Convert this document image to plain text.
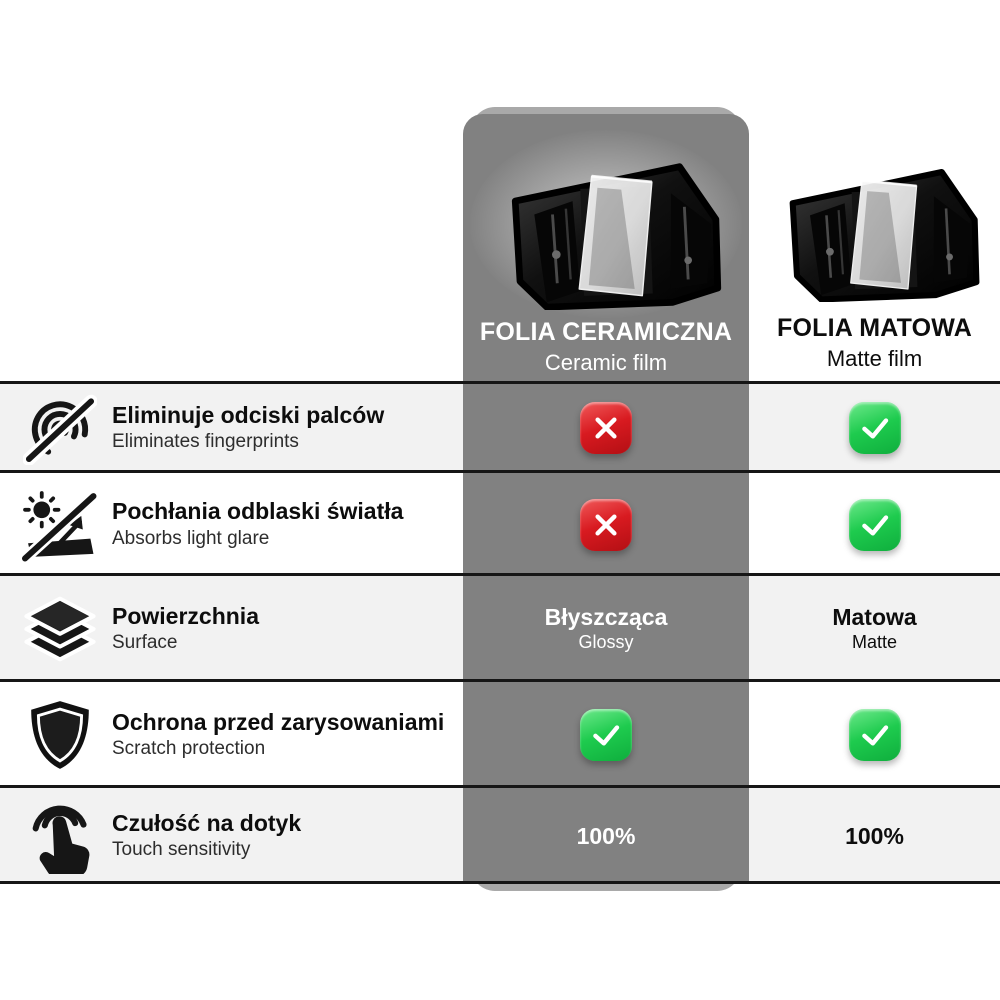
FOLIA CERAMICZNA
Ceramic film
FOLIA MATOWA
Matte film
Eliminuje odciski palców
Eliminates fingerprints
Pochłania odblaski światła
Absorbs light glare
Powierzchnia
Surface
Błyszcząca
Glossy
Matowa
Matte
Ochrona przed zarysowaniami
Scratch protection
Czułość na dotyk
Touch sensitivity
100%	100%
